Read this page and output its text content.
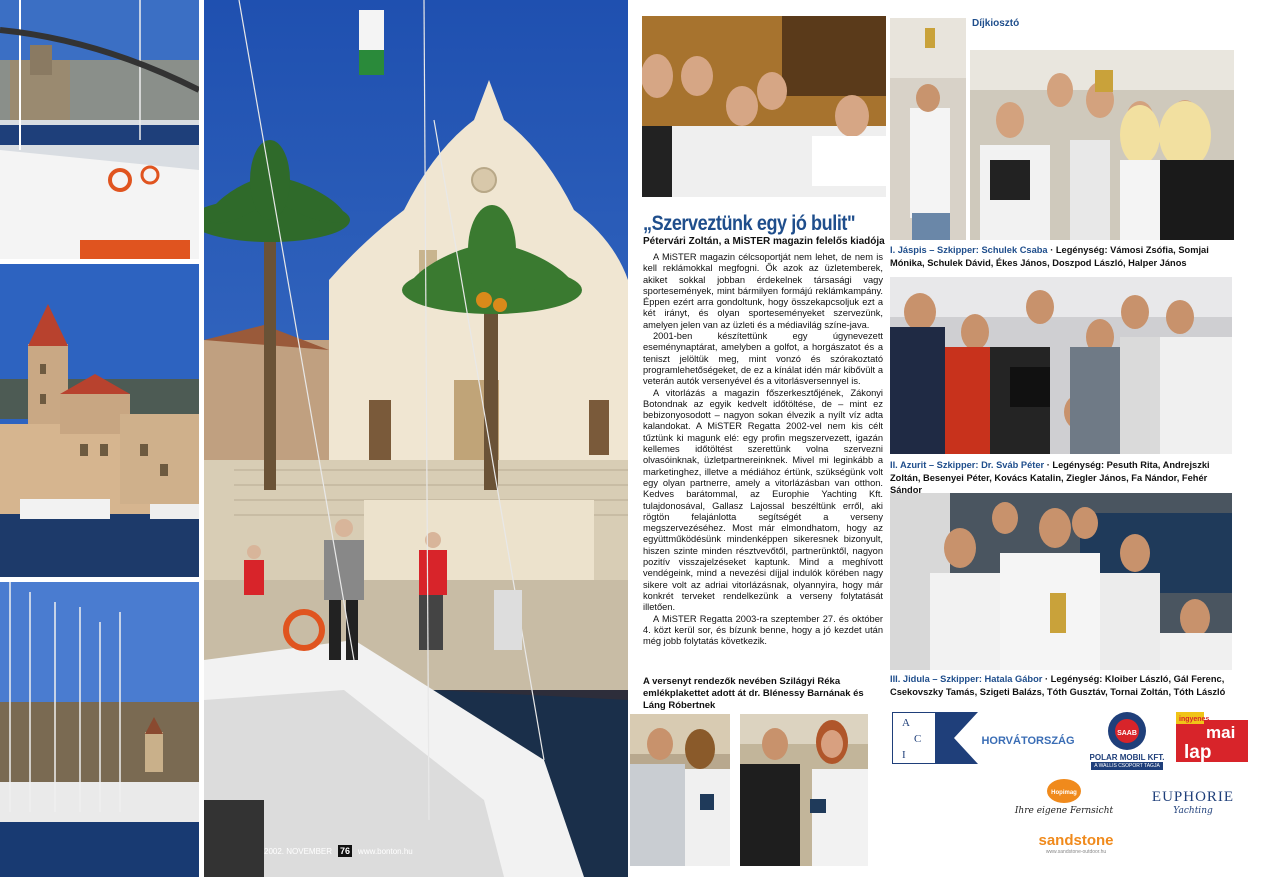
2002. NOVEMBER 76 www.bonton.hu
Díjkiosztó
„Szerveztünk egy jó bulit"
Pétervári Zoltán, a MiSTER magazin felelős kiadója

A MiSTER magazin célcsoportját nem lehet, de nem is kell reklámokkal megfogni. Ők azok az üzletemberek, akiket sokkal jobban érdekelnek társasági vagy sportesemények, mint bármilyen formájú reklámkampány. Éppen ezért arra gondoltunk, hogy összekapcsoljuk ezt a két irányt, és olyan sporteseményeket szervezünk, amelyen jelen van az üzleti és a médiavilág színe-java.

2001-ben készítettünk egy úgynevezett eseménynaptárat, amelyben a golfot, a horgászatot és a teniszt jelöltük meg, mint vonzó és szórakoztató programlehetőségeket, de ez a kínálat idén már kibővült a veterán autók versenyével és a vitorlásversennyel is.

A vitorlázás a magazin főszerkesztőjének, Zákonyi Botondnak az egyik kedvelt időtöltése, de – mint ez bebizonyosodott – nagyon sokan élvezik a nyílt víz adta kalandokat. A MiSTER Regatta 2002-vel nem kis célt tűztünk ki magunk elé: egy profin megszervezett, igazán kellemes időtöltést szerettünk volna szervezni olvasóinknak, üzletpartnereinknek. Mivel mi leginkább a marketinghez, illetve a médiához értünk, szükségünk volt egy olyan partnerre, amely a vitorlázásban van otthon. Kedves barátommal, az Europhie Yachting Kft. tulajdonosával, Gallasz Lajossal beszéltünk erről, aki rögtön felajánlotta segítségét a verseny megszervezéséhez. Most már elmondhatom, hogy az együttműködésünk mindenképpen sikeresnek bizonyult, hiszen szinte minden résztvevőtől, partnerünktől, nagyon pozitív visszajelzéseket kaptunk. Mind a meghívott vendégeink, mind a nevezési díjjal indulók körében nagy sikere volt az adriai vitorlázásnak, olyannyira, hogy már konkrét terveket rendelkezünk a verseny folytatását illetően.

A MiSTER Regatta 2003-ra szeptember 27. és október 4. közt kerül sor, és bízunk benne, hogy a jó kezdet után még jobb folytatás következik.

A versenyt rendezők nevében Szilágyi Réka emlékplakettet adott át dr. Blénessy Barnának és Láng Róbertnek
I. Jáspis – Szkipper: Schulek Csaba · Legénység: Vámosi Zsófia, Somjai Mónika, Schulek Dávid, Ékes János, Doszpod László, Halper János
II. Azurit – Szkipper: Dr. Sváb Péter · Legénység: Pesuth Rita, Andrejszki Zoltán, Besenyei Péter, Kovács Katalin, Ziegler János, Fa Nándor, Fehér Sándor
III. Jidula – Szkipper: Hatala Gábor · Legénység: Kloiber László, Gál Ferenc, Csekovszky Tamás, Szigeti Balázs, Tóth Gusztáv, Tornai Zoltán, Tóth László
A
C
I
HORVÁTORSZÁG
SAAB
POLAR MOBIL KFT.
A WALLIS CSOPORT TAGJA
ingyenes
mai
lap
Hopimag
Ihre eigene Fernsicht
EUPHORIE
Yachting
sandstone
www.sandstone-outdoor.hu
